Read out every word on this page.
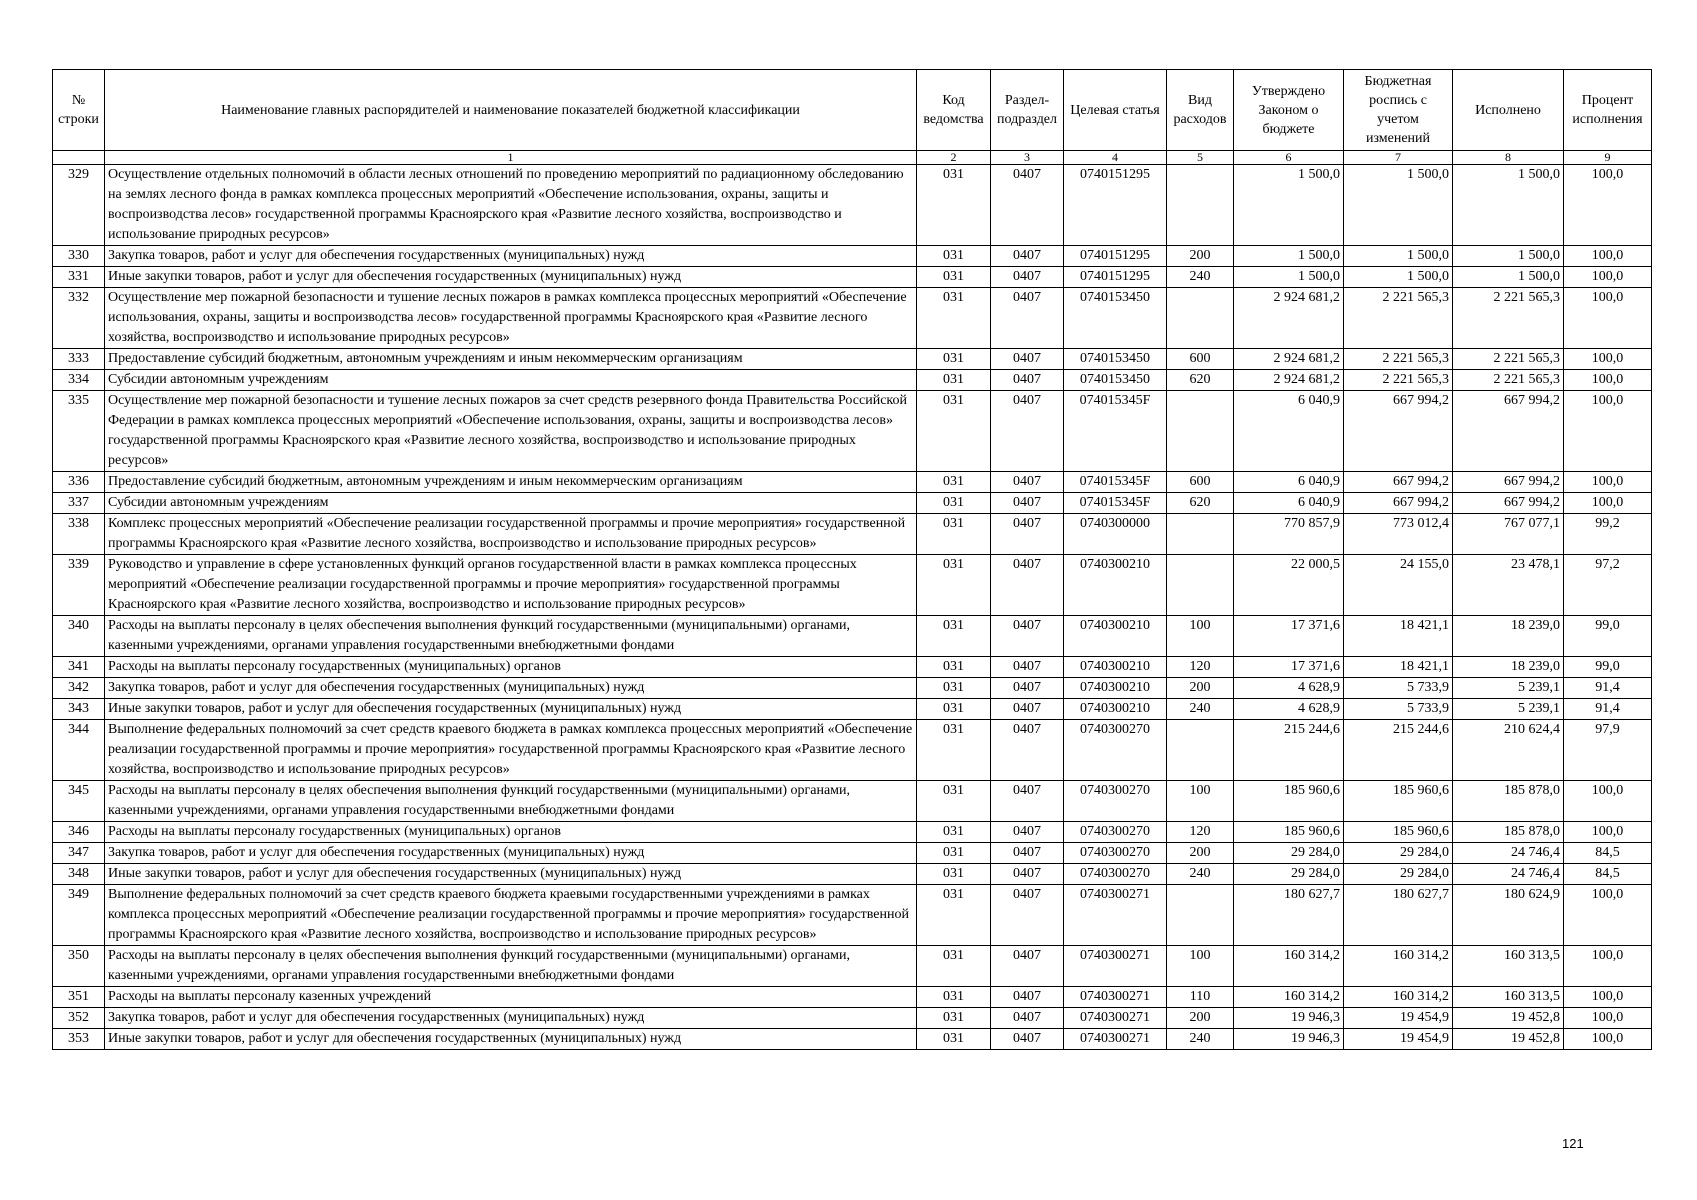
№ строки	Наименование главных распорядителей и наименование показателей бюджетной классификации	Код ведомства	Раздел-подраздел	Целевая статья	Вид расходов	Утверждено Законом о бюджете	Бюджетная роспись с учетом изменений	Исполнено	Процент исполнения
	1	2	3	4	5	6	7	8	9
329	Осуществление отдельных полномочий в области лесных отношений по проведению мероприятий по радиационному обследованию на землях лесного фонда в рамках комплекса процессных мероприятий «Обеспечение использования, охраны, защиты и воспроизводства лесов» государственной программы Красноярского края «Развитие лесного хозяйства, воспроизводство и использование природных ресурсов»	031	0407	0740151295		1 500,0	1 500,0	1 500,0	100,0
330	Закупка товаров, работ и услуг для обеспечения государственных (муниципальных) нужд	031	0407	0740151295	200	1 500,0	1 500,0	1 500,0	100,0
331	Иные закупки товаров, работ и услуг для обеспечения государственных (муниципальных) нужд	031	0407	0740151295	240	1 500,0	1 500,0	1 500,0	100,0
332	Осуществление мер пожарной безопасности и тушение лесных пожаров в рамках комплекса процессных мероприятий «Обеспечение использования, охраны, защиты и воспроизводства лесов» государственной программы Красноярского края «Развитие лесного хозяйства, воспроизводство и использование природных ресурсов»	031	0407	0740153450		2 924 681,2	2 221 565,3	2 221 565,3	100,0
333	Предоставление субсидий бюджетным, автономным учреждениям и иным некоммерческим организациям	031	0407	0740153450	600	2 924 681,2	2 221 565,3	2 221 565,3	100,0
334	Субсидии автономным учреждениям	031	0407	0740153450	620	2 924 681,2	2 221 565,3	2 221 565,3	100,0
335	Осуществление мер пожарной безопасности и тушение лесных пожаров за счет средств резервного фонда Правительства Российской Федерации в рамках комплекса процессных мероприятий «Обеспечение использования, охраны, защиты и воспроизводства лесов» государственной программы Красноярского края «Развитие лесного хозяйства, воспроизводство и использование природных ресурсов»	031	0407	074015345F		6 040,9	667 994,2	667 994,2	100,0
336	Предоставление субсидий бюджетным, автономным учреждениям и иным некоммерческим организациям	031	0407	074015345F	600	6 040,9	667 994,2	667 994,2	100,0
337	Субсидии автономным учреждениям	031	0407	074015345F	620	6 040,9	667 994,2	667 994,2	100,0
338	Комплекс процессных мероприятий «Обеспечение реализации государственной программы и прочие мероприятия» государственной программы Красноярского края «Развитие лесного хозяйства, воспроизводство и использование природных ресурсов»	031	0407	0740300000		770 857,9	773 012,4	767 077,1	99,2
339	Руководство и управление в сфере установленных функций органов государственной власти в рамках комплекса процессных мероприятий «Обеспечение реализации государственной программы и прочие мероприятия» государственной программы Красноярского края «Развитие лесного хозяйства, воспроизводство и использование природных ресурсов»	031	0407	0740300210		22 000,5	24 155,0	23 478,1	97,2
340	Расходы на выплаты персоналу в целях обеспечения выполнения функций государственными (муниципальными) органами, казенными учреждениями, органами управления государственными внебюджетными фондами	031	0407	0740300210	100	17 371,6	18 421,1	18 239,0	99,0
341	Расходы на выплаты персоналу государственных (муниципальных) органов	031	0407	0740300210	120	17 371,6	18 421,1	18 239,0	99,0
342	Закупка товаров, работ и услуг для обеспечения государственных (муниципальных) нужд	031	0407	0740300210	200	4 628,9	5 733,9	5 239,1	91,4
343	Иные закупки товаров, работ и услуг для обеспечения государственных (муниципальных) нужд	031	0407	0740300210	240	4 628,9	5 733,9	5 239,1	91,4
344	Выполнение федеральных полномочий за счет средств краевого бюджета в рамках комплекса процессных мероприятий «Обеспечение реализации государственной программы и прочие мероприятия» государственной программы Красноярского края «Развитие лесного хозяйства, воспроизводство и использование природных ресурсов»	031	0407	0740300270		215 244,6	215 244,6	210 624,4	97,9
345	Расходы на выплаты персоналу в целях обеспечения выполнения функций государственными (муниципальными) органами, казенными учреждениями, органами управления государственными внебюджетными фондами	031	0407	0740300270	100	185 960,6	185 960,6	185 878,0	100,0
346	Расходы на выплаты персоналу государственных (муниципальных) органов	031	0407	0740300270	120	185 960,6	185 960,6	185 878,0	100,0
347	Закупка товаров, работ и услуг для обеспечения государственных (муниципальных) нужд	031	0407	0740300270	200	29 284,0	29 284,0	24 746,4	84,5
348	Иные закупки товаров, работ и услуг для обеспечения государственных (муниципальных) нужд	031	0407	0740300270	240	29 284,0	29 284,0	24 746,4	84,5
349	Выполнение федеральных полномочий за счет средств краевого бюджета краевыми государственными учреждениями в рамках комплекса процессных мероприятий «Обеспечение реализации государственной программы и прочие мероприятия» государственной программы Красноярского края «Развитие лесного хозяйства, воспроизводство и использование природных ресурсов»	031	0407	0740300271		180 627,7	180 627,7	180 624,9	100,0
350	Расходы на выплаты персоналу в целях обеспечения выполнения функций государственными (муниципальными) органами, казенными учреждениями, органами управления государственными внебюджетными фондами	031	0407	0740300271	100	160 314,2	160 314,2	160 313,5	100,0
351	Расходы на выплаты персоналу казенных учреждений	031	0407	0740300271	110	160 314,2	160 314,2	160 313,5	100,0
352	Закупка товаров, работ и услуг для обеспечения государственных (муниципальных) нужд	031	0407	0740300271	200	19 946,3	19 454,9	19 452,8	100,0
353	Иные закупки товаров, работ и услуг для обеспечения государственных (муниципальных) нужд	031	0407	0740300271	240	19 946,3	19 454,9	19 452,8	100,0
121
